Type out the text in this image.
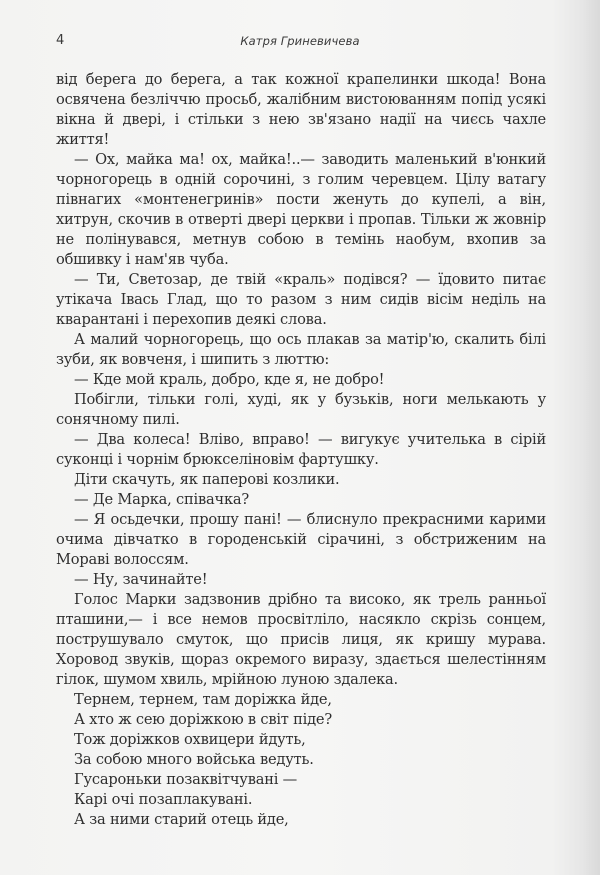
4	Катря Гриневичева

від берега до берега, а так кожної крапелинки шкода! Вона освячена безліччю просьб, жалібним вистоюванням попід усякі вікна й двері, і стільки з нею зв'язано надії на чиєсь чахле життя!

— Ох, майка ма! ох, майка!..— заводить маленький в'юнкий чорногорець в одній сорочині, з голим черевцем. Цілу ватагу півнагих «монтенегринів» пости женуть до купелі, а він, хитрун, скочив в отверті двері церкви і пропав. Тільки ж жовнір не полінувався, метнув собою в темінь наобум, вхопив за обшивку і нам'яв чуба.

— Ти, Светозар, де твій «краль» подівся? — їдовито питає утікача Івась Глад, що то разом з ним сидів вісім неділь на кварантані і перехопив деякі слова.

А малий чорногорець, що ось плакав за матір'ю, скалить білі зуби, як вовченя, і шипить з люттю:

— Кде мой краль, добро, кде я, не добро!

Побігли, тільки голі, худі, як у бузьків, ноги мелькають у сонячному пилі.

— Два колеса! Вліво, вправо! — вигукує учителька в сірій суконці і чорнім брюкселіновім фартушку.

Діти скачуть, як паперові козлики.

— Де Марка, співачка?

— Я осьдечки, прошу пані! — блиснуло прекрасними карими очима дівчатко в городенській сірачині, з обстриженим на Мораві волоссям.

— Ну, зачинайте!

Голос Марки задзвонив дрібно та високо, як трель ранньої пташини,— і все немов просвітліло, насякло скрізь сонцем, пострушувало смуток, що присів лиця, як кришу мурава. Хоровод звуків, щораз окремого виразу, здається шелестінням гілок, шумом хвиль, мрійною луною здалека.

Тернем, тернем, там доріжка йде,
А хто ж сею доріжкою в світ піде?
Тож доріжков охвицери йдуть,
За собою много войська ведуть.
Гусароньки позаквітчувані —
Карі очі позаплакувані.
А за ними старий отець йде,
